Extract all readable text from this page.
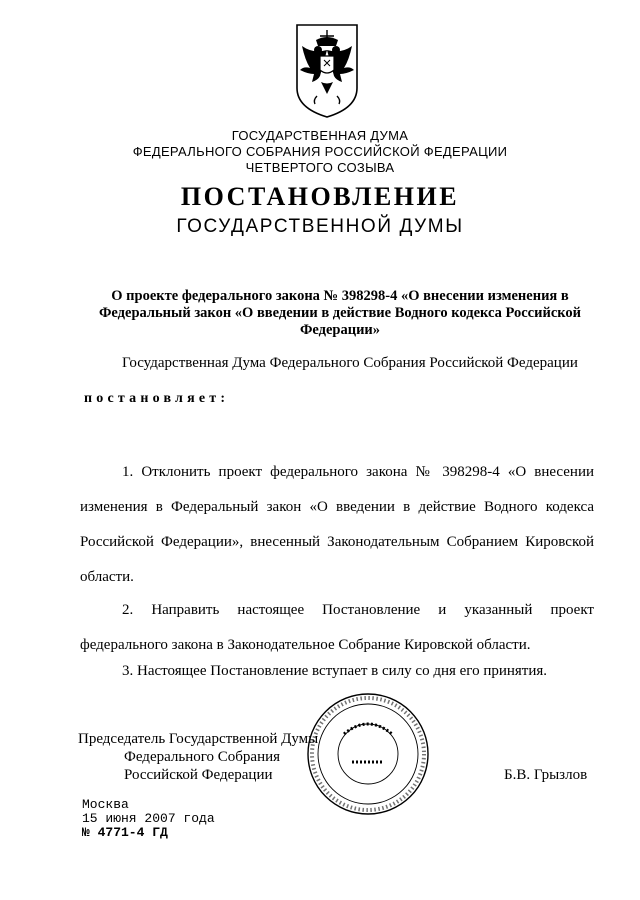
ГОСУДАРСТВЕННАЯ ДУМА
ФЕДЕРАЛЬНОГО СОБРАНИЯ РОССИЙСКОЙ ФЕДЕРАЦИИ
ЧЕТВЕРТОГО СОЗЫВА
ПОСТАНОВЛЕНИЕ
ГОСУДАРСТВЕННОЙ ДУМЫ
О проекте федерального закона № 398298-4 «О внесении изменения в Федеральный закон «О введении в действие Водного кодекса Российской Федерации»
Государственная Дума Федерального Собрания Российской Федерации
постановляет:
1. Отклонить проект федерального закона № 398298-4 «О внесении изменения в Федеральный закон «О введении в действие Водного кодекса Российской Федерации», внесенный Законодательным Собранием Кировской области.
2. Направить настоящее Постановление и указанный проект федерального закона в Законодательное Собрание Кировской области.
3. Настоящее Постановление вступает в силу со дня его принятия.
Председатель Государственной Думы
Федерального Собрания
Российской Федерации	Б.В. Грызлов
Москва
15 июня 2007 года
№ 4771-4 ГД
